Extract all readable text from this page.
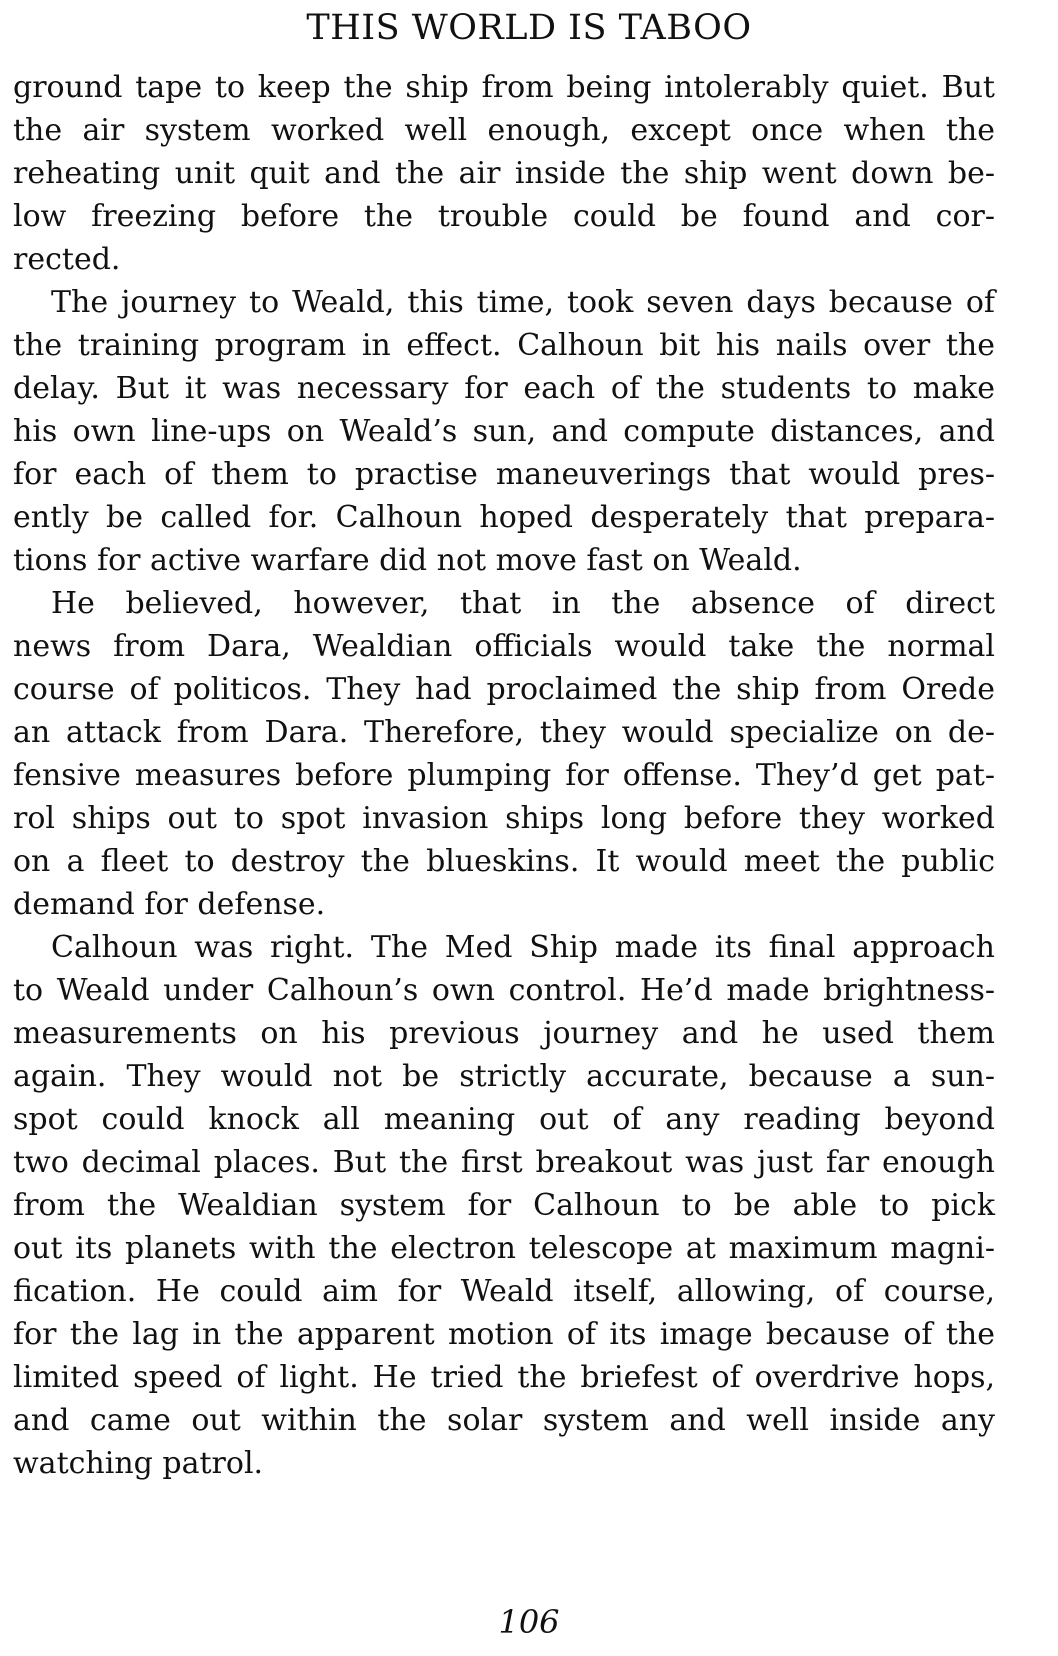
THIS WORLD IS TABOO
ground tape to keep the ship from being intolerably quiet. But
the air system worked well enough, except once when the
reheating unit quit and the air inside the ship went down be-
low freezing before the trouble could be found and cor-
rected.
The journey to Weald, this time, took seven days because of
the training program in effect. Calhoun bit his nails over the
delay. But it was necessary for each of the students to make
his own line-ups on Weald’s sun, and compute distances, and
for each of them to practise maneuverings that would pres-
ently be called for. Calhoun hoped desperately that prepara-
tions for active warfare did not move fast on Weald.
He believed, however, that in the absence of direct
news from Dara, Wealdian officials would take the normal
course of politicos. They had proclaimed the ship from Orede
an attack from Dara. Therefore, they would specialize on de-
fensive measures before plumping for offense. They’d get pat-
rol ships out to spot invasion ships long before they worked
on a fleet to destroy the blueskins. It would meet the public
demand for defense.
Calhoun was right. The Med Ship made its final approach
to Weald under Calhoun’s own control. He’d made brightness-
measurements on his previous journey and he used them
again. They would not be strictly accurate, because a sun-
spot could knock all meaning out of any reading beyond
two decimal places. But the first breakout was just far enough
from the Wealdian system for Calhoun to be able to pick
out its planets with the electron telescope at maximum magni-
fication. He could aim for Weald itself, allowing, of course,
for the lag in the apparent motion of its image because of the
limited speed of light. He tried the briefest of overdrive hops,
and came out within the solar system and well inside any
watching patrol.
106
